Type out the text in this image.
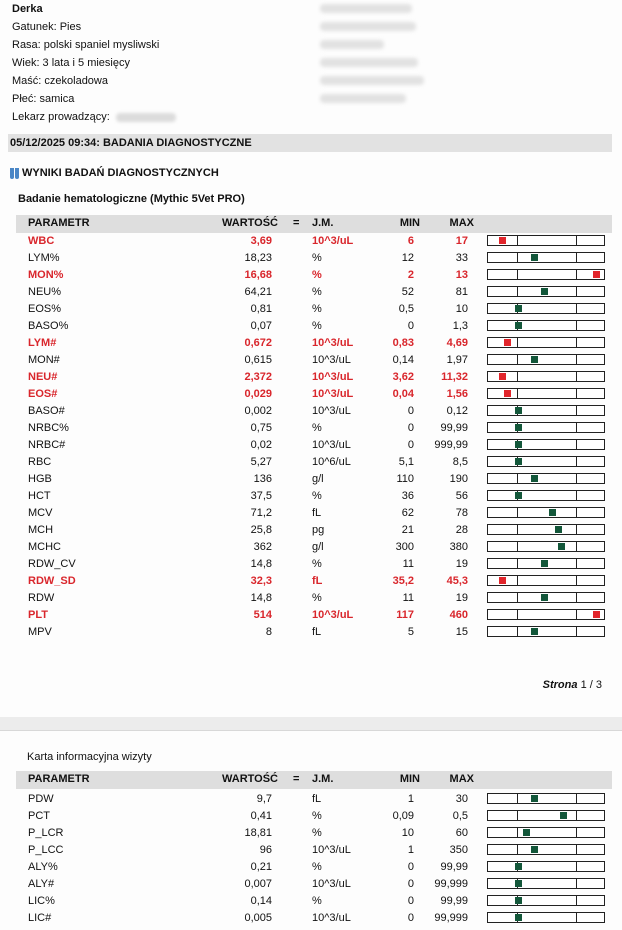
Derka
Gatunek: Pies
Rasa: polski spaniel mysliwski
Wiek: 3 lata i 5 miesięcy
Maść: czekoladowa
Płeć: samica
Lekarz prowadzący:
05/12/2025 09:34: BADANIA DIAGNOSTYCZNE
WYNIKI BADAŃ DIAGNOSTYCZNYCH
Badanie hematologiczne (Mythic 5Vet PRO)
PARAMETR	WARTOŚĆ = J.M.	MIN	MAX
WBC	3,69	10^3/uL	6	17
LYM%	18,23	%	12	33
MON%	16,68	%	2	13
NEU%	64,21	%	52	81
EOS%	0,81	%	0,5	10
BASO%	0,07	%	0	1,3
LYM#	0,672	10^3/uL	0,83	4,69
MON#	0,615	10^3/uL	0,14	1,97
NEU#	2,372	10^3/uL	3,62 11,32
EOS#	0,029	10^3/uL	0,04	1,56
BASO#	0,002	10^3/uL	0	0,12
NRBC%	0,75	%	0 99,99
NRBC#	0,02	10^3/uL	0 999,99
RBC	5,27	10^6/uL	5,1	8,5
HGB	136	g/l	110	190
HCT	37,5	%	36	56
MCV	71,2	fL	62	78
MCH	25,8	pg	21	28
MCHC	362	g/l	300	380
RDW_CV	14,8	%	11	19
RDW_SD	32,3	fL	35,2	45,3
RDW	14,8	%	11	19
PLT	514	10^3/uL	117	460
MPV	8	fL	5	15
Strona 1 / 3
Karta informacyjna wizyty
PARAMETR	WARTOŚĆ = J.M.	MIN	MAX
PDW	9,7	fL	1	30
PCT	0,41	%	0,09	0,5
P_LCR	18,81	%	10	60
P_LCC	96	10^3/uL	1	350
ALY%	0,21	%	0 99,99
ALY#	0,007	10^3/uL	0 99,999
LIC%	0,14	%	0 99,99
LIC#	0,005	10^3/uL	0 99,999
